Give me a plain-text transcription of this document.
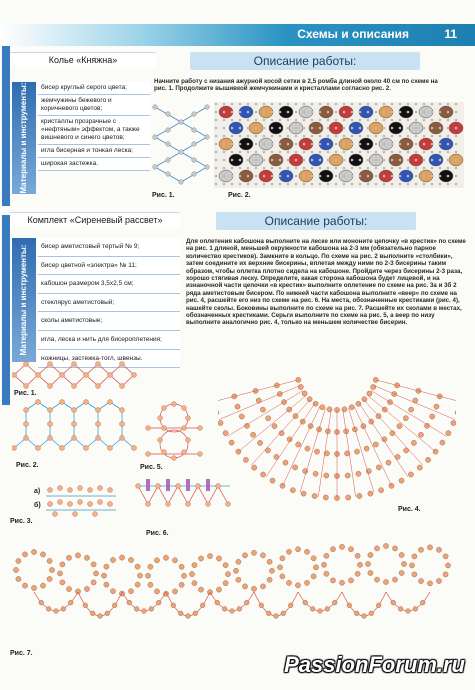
Схемы и описания	11
Колье «Княжна»
Материалы и инструменты:	бисер круглый серого цвета;
жемчужины бежевого и коричневого цветов;
кристаллы прозрачные с «нефтяным» эффектом, а также вишневого и синего цветов;
игла бисерная и тонкая леска;
широкая застежка.
Описание работы:
Начните работу с низания ажурной косой сетки в 2,5 ромба длиной около 40 см по схеме на рис. 1. Продолжите вышивкой жемчужинами и кристаллами согласно рис. 2.
Рис. 1.	Рис. 2.
Комплект «Сиреневый рассвет»
Материалы и инструменты:	бисер аметистовый тертый № 9;
бисер цветной «электра» № 11;
кабошон размером 3,5х2,5 см;
стеклярус аметистовый;
сколы аметистовые;
игла, леска и нить для бисероплетения;
ножницы, застежка-тогл, швензы.
Описание работы:
Для оплетения кабошона выполните на леске или мононите цепочку «в крестик» по схеме на рис. 1 длиной, меньшей окружности кабошона на 2-3 мм (обязательно парное количество крестиков). Замкните в кольцо. По схеме на рис. 2 выполните «столбики», затем соедините их верхние бисерины, вплетая между ними по 2-3 бисерины таким образом, чтобы оплетка плотно сидела на кабошоне. Пройдите через бисерины 2-3 раза, хорошо стягивая леску. Определите, какая сторона кабошона будет лицевой, и на изнаночной части цепочки «в крестик» выполните оплетение по схеме на рис. 3а и 3б 2 ряда аметистовым бисером. По нижней части кабошона выполните «веер» по схеме на рис. 4, расшейте его низ по схеме на рис. 6. На места, обозначенные крестиками (рис. 4), нашейте сколы. Боковины выполните по схеме на рис. 7. Расшейте их сколами в местах, обозначенных крестиками. Серьги выполните по схеме на рис. 5, а веер по низу выполните аналогично рис. 4, только на меньшем количестве бисерин.
Рис. 1.
Рис. 2.
а)
б)
Рис. 3.
Рис. 5.
Рис. 6.
Рис. 4.
Рис. 7.	PassionForum.ru
